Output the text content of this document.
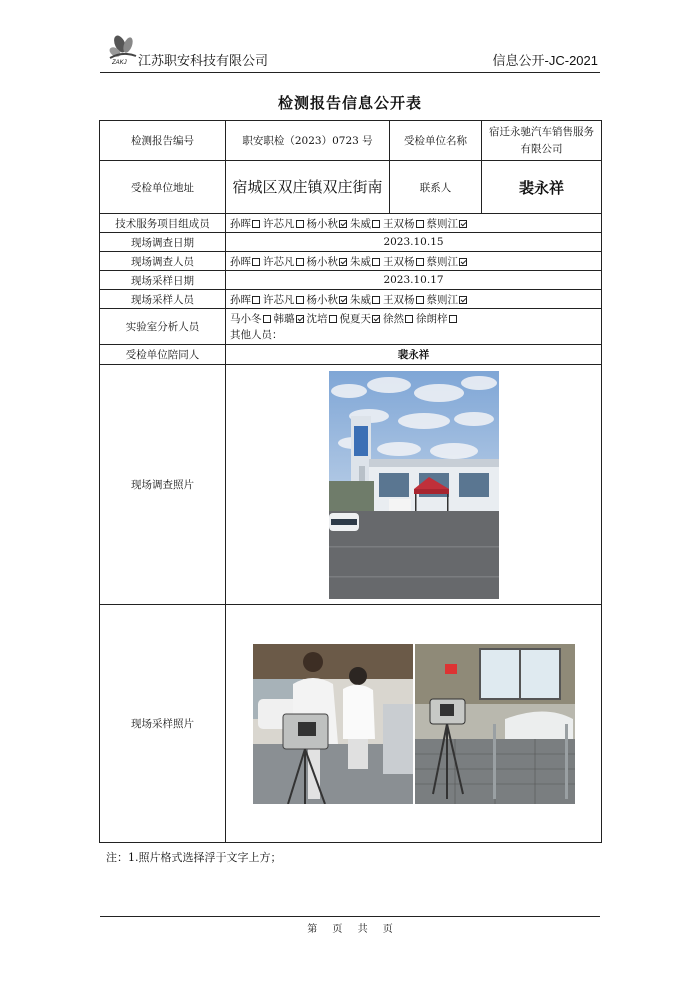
ZAKJ 江苏职安科技有限公司	信息公开-JC-2021
检测报告信息公开表
检测报告编号	职安职检（2023）0723 号	受检单位名称	宿迁永驰汽车销售服务有限公司
受检单位地址	宿城区双庄镇双庄街南	联系人	裴永祥
技术服务项目组成员	孙晖 许芯凡 杨小秋 朱威 王双杨 蔡则江		
现场调查日期	2023.10.15		
现场调查人员	孙晖 许芯凡 杨小秋 朱威 王双杨 蔡则江		
现场采样日期	2023.10.17		
现场采样人员	孙晖 许芯凡 杨小秋 朱威 王双杨 蔡则江		
实验室分析人员	马小冬 韩璐 沈培 倪夏天 徐然 徐朗梓
其他人员：		

受检单位陪同人	裴永祥		
现场调查照片	

现场采样照片	
注：1.照片格式选择浮于文字上方；
第 页 共 页
